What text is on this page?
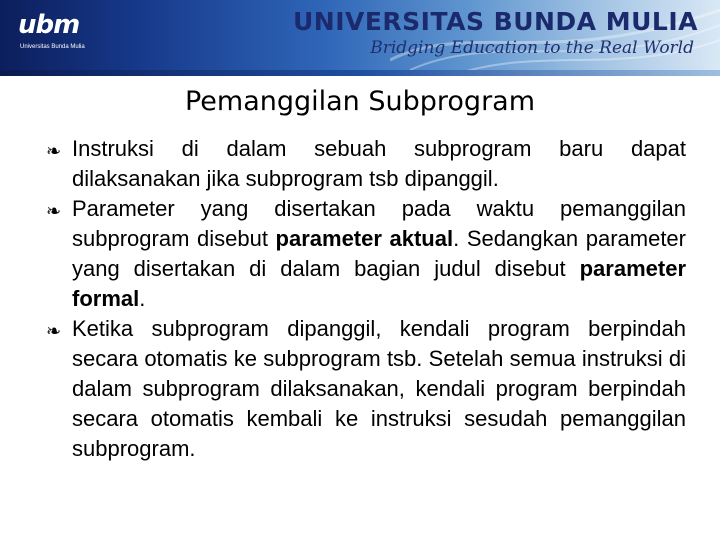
ubm
Universitas Bunda Mulia
UNIVERSITAS BUNDA MULIA
Bridging Education to the Real World
Pemanggilan Subprogram
❧ Instruksi di dalam sebuah subprogram baru dapat dilaksanakan jika subprogram tsb dipanggil.
❧ Parameter yang disertakan pada waktu pemanggilan subprogram disebut parameter aktual. Sedangkan parameter yang disertakan di dalam bagian judul disebut parameter formal.
❧ Ketika subprogram dipanggil, kendali program berpindah secara otomatis ke subprogram tsb. Setelah semua instruksi di dalam subprogram dilaksanakan, kendali program berpindah secara otomatis kembali ke instruksi sesudah pemanggilan subprogram.
